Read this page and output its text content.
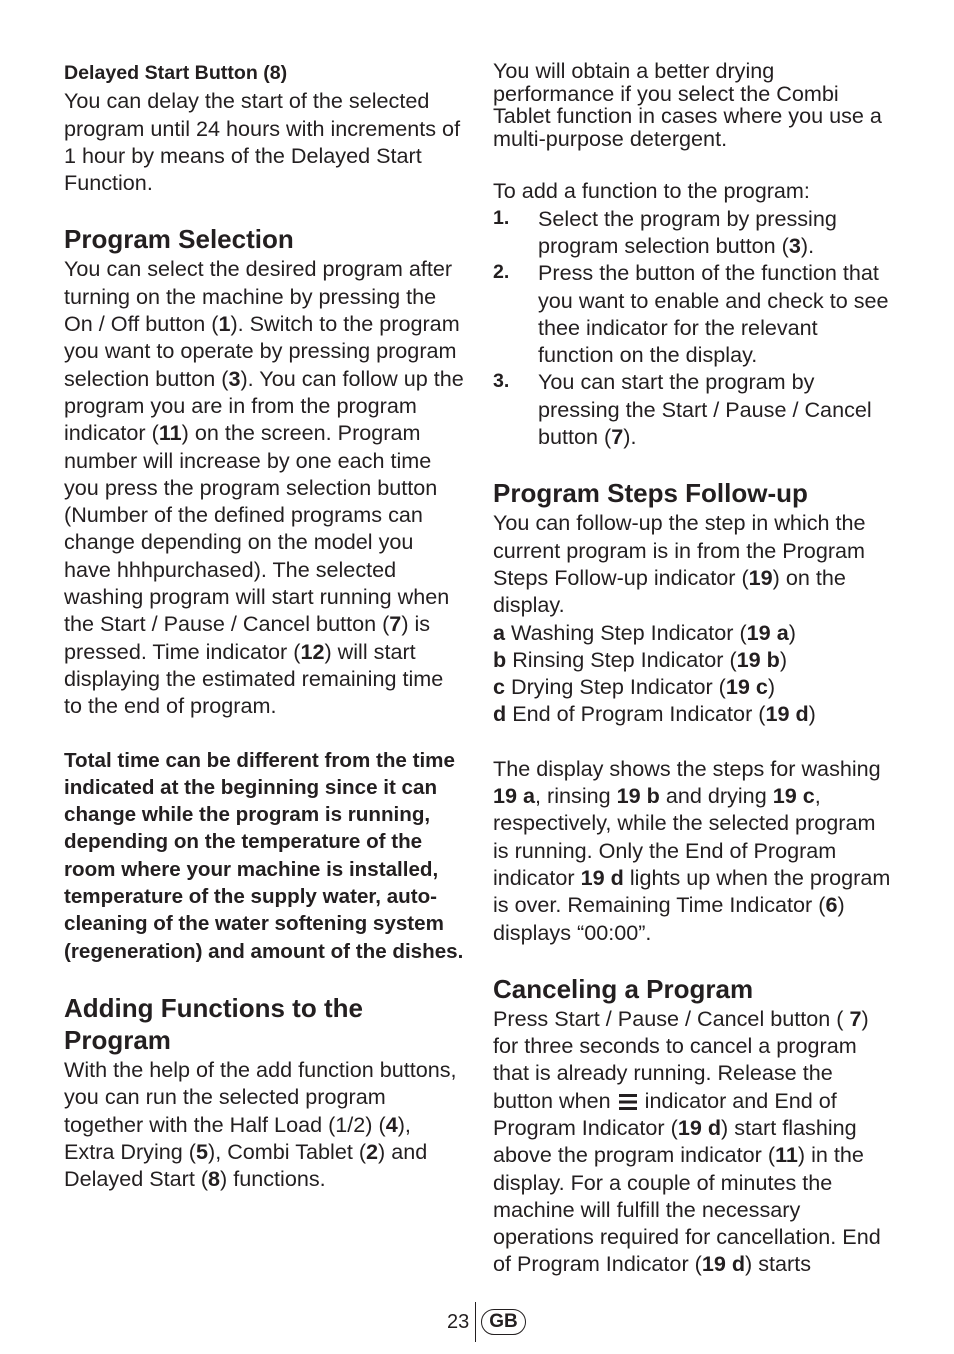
Delayed Start Button (8)

You can delay the start of the selected program until 24 hours with increments of 1 hour by means of the Delayed Start Function.

Program Selection

You can select the desired program after turning on the machine by pressing the On / Off button (1). Switch to the program you want to operate by pressing program selection button (3). You can follow up the program you are in from the program indicator (11) on the screen. Program number will increase by one each time you press the program selection button (Number of the defined programs can change depending on the model you have hhhpurchased). The selected washing program will start running when the Start / Pause / Cancel button (7) is pressed. Time indicator (12) will start displaying the estimated remaining time to the end of program.

Total time can be different from the time indicated at the beginning since it can change while the program is running, depending on the temperature of the room where your machine is installed, temperature of the supply water, auto-cleaning of the water softening system (regeneration) and amount of the dishes.

Adding Functions to the Program

With the help of the add function buttons, you can run the selected program together with the Half Load (1/2) (4), Extra Drying (5), Combi Tablet (2) and Delayed Start (8) functions.

You will obtain a better drying performance if you select the Combi Tablet function in cases where you use a multi-purpose detergent.

To add a function to the program:

1.	Select the program by pressing program selection button (3).
2.	Press the button of the function that you want to enable and check to see thee indicator for the relevant function on the display.
3.	You can start the program by pressing the Start / Pause / Cancel button (7).
Program Steps Follow-up

You can follow-up the step in which the current program is in from the Program Steps Follow-up indicator (19) on the display.

a Washing Step Indicator (19 a)

b Rinsing Step Indicator (19 b)

c Drying Step Indicator (19 c)

d End of Program Indicator (19 d)

The display shows the steps for washing 19 a, rinsing 19 b and drying 19 c, respectively, while the selected program is running. Only the End of Program indicator 19 d lights up when the program is over. Remaining Time Indicator (6) displays “00:00”.

Canceling a Program

Press Start / Pause / Cancel button ( 7) for three seconds to cancel a program that is already running. Release the button when  indicator and End of Program Indicator (19 d) start flashing above the program indicator (11) in the display. For a couple of minutes the machine will fulfill the necessary operations required for cancellation. End of Program Indicator (19 d) starts

23	GB
